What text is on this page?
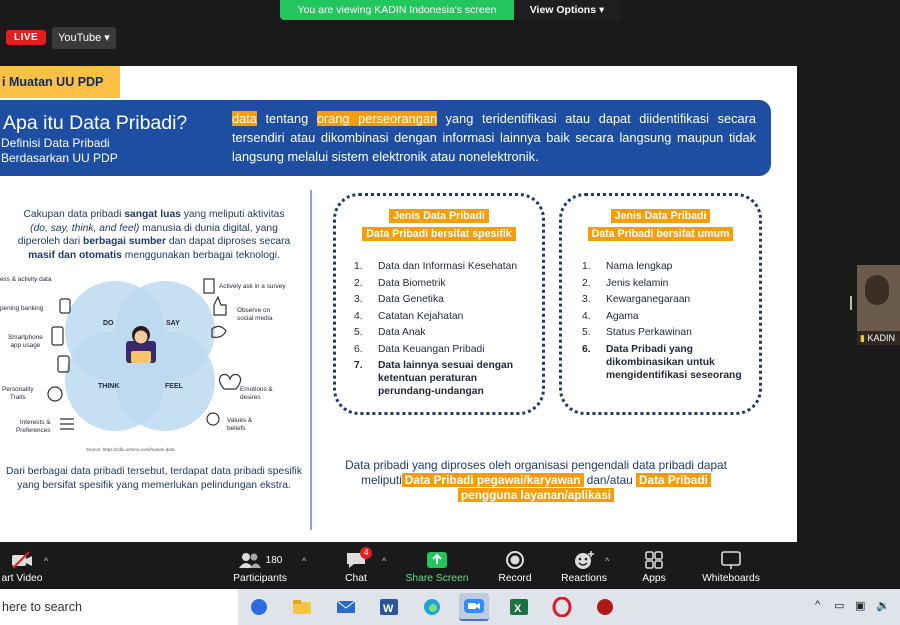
You are viewing KADIN Indonesia's screen	View Options ▾
LIVE	YouTube ▾
i Muatan UU PDP
Apa itu Data Pribadi?
Definisi Data Pribadi
Berdasarkan UU PDP
data tentang orang perseorangan yang teridentifikasi atau dapat diidentifikasi secara tersendiri atau dikombinasi dengan informasi lainnya baik secara langsung maupun tidak langsung melalui sistem elektronik atau nonelektronik.
Cakupan data pribadi sangat luas yang meliputi aktivitas
(do, say, think, and feel) manusia di dunia digital, yang
diperoleh dari berbagai sumber dan dapat diproses secara
masif dan otomatis menggunakan berbagai teknologi.
DO	SAY
THINK	FEEL
ess & activity data
pening banking
Smartphone
app usage
Personality
Traits
Interests &
Preferences
Actively ask in a survey
Observe on
social media
Emotions &
desires
Values &
beliefs
Source: https://cdlu.ovreno.com/human-data
Dari berbagai data pribadi tersebut, terdapat data pribadi spesifik yang bersifat spesifik yang memerlukan pelindungan ekstra.
Jenis Data Pribadi
Data Pribadi bersifat spesifik
1.	Data dan Informasi Kesehatan
2.	Data Biometrik
3.	Data Genetika
4.	Catatan Kejahatan
5.	Data Anak
6.	Data Keuangan Pribadi
7.	Data lainnya sesuai dengan ketentuan peraturan perundang-undangan
Jenis Data Pribadi
Data Pribadi bersifat umum
1.	Nama lengkap
2.	Jenis kelamin
3.	Kewarganegaraan
4.	Agama
5.	Status Perkawinan
6.	Data Pribadi yang dikombinasikan untuk mengidentifikasi seseorang
Data pribadi yang diproses oleh organisasi pengendali data pribadi dapat meliputi Data Pribadi pegawai/karyawan dan/atau Data Pribadi
pengguna layanan/aplikasi
▮ KADIN
art Video
^	180
Participants
^
Chat
4
^
Share Screen	Record	Reactions
^
Apps	Whiteboards
here to search	W	X	^ ▭ ▣ 🔉
